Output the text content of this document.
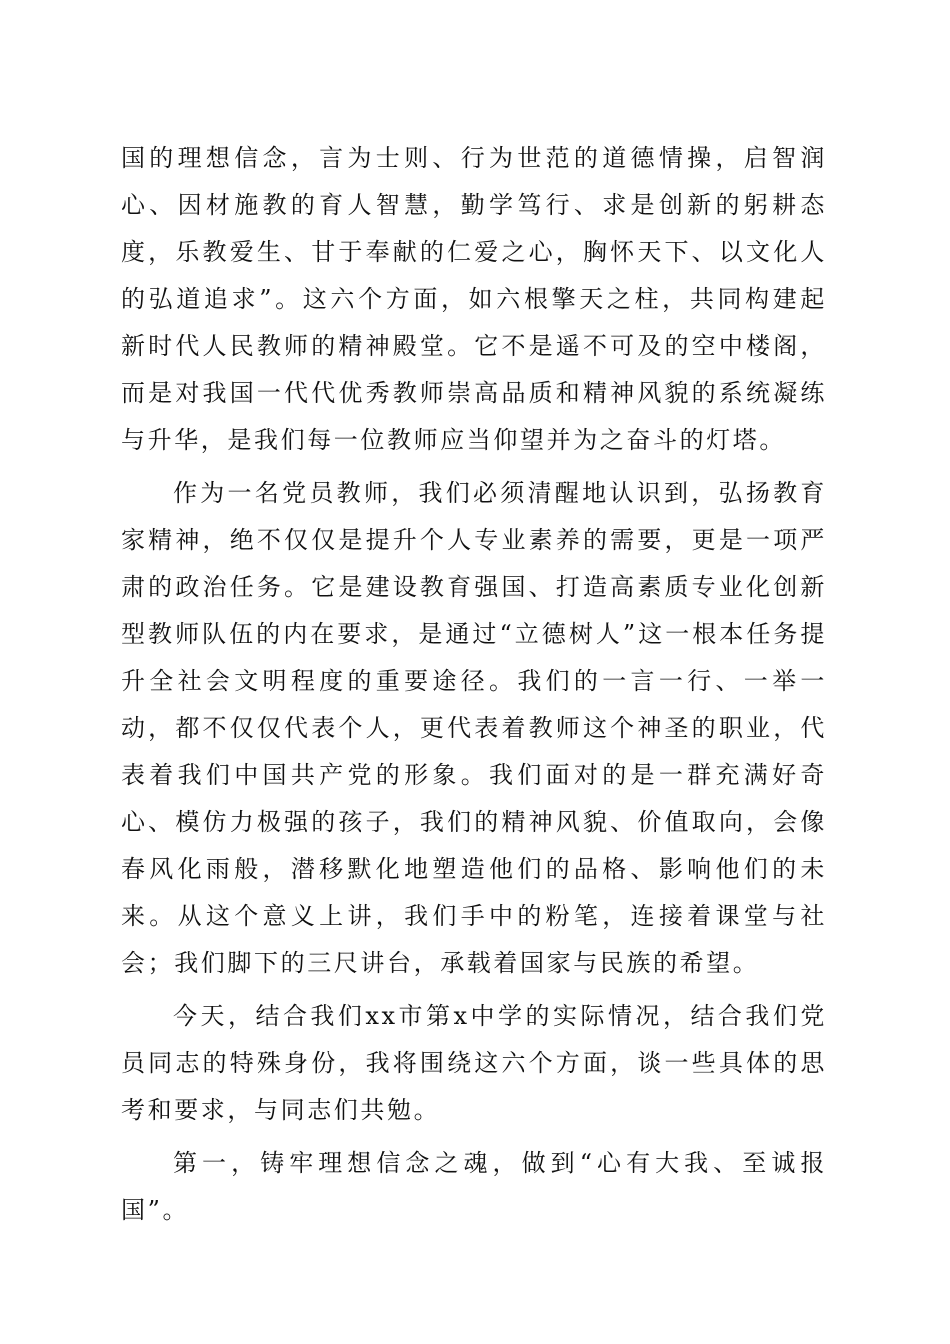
国的理想信念，言为士则、行为世范的道德情操，启智润心、因材施教的育人智慧，勤学笃行、求是创新的躬耕态度，乐教爱生、甘于奉献的仁爱之心，胸怀天下、以文化人的弘道追求”。这六个方面，如六根擎天之柱，共同构建起新时代人民教师的精神殿堂。它不是遥不可及的空中楼阁，而是对我国一代代优秀教师崇高品质和精神风貌的系统凝练与升华，是我们每一位教师应当仰望并为之奋斗的灯塔。

作为一名党员教师，我们必须清醒地认识到，弘扬教育家精神，绝不仅仅是提升个人专业素养的需要，更是一项严肃的政治任务。它是建设教育强国、打造高素质专业化创新型教师队伍的内在要求，是通过“立德树人”这一根本任务提升全社会文明程度的重要途径。我们的一言一行、一举一动，都不仅仅代表个人，更代表着教师这个神圣的职业，代表着我们中国共产党的形象。我们面对的是一群充满好奇心、模仿力极强的孩子，我们的精神风貌、价值取向，会像春风化雨般，潜移默化地塑造他们的品格、影响他们的未来。从这个意义上讲，我们手中的粉笔，连接着课堂与社会；我们脚下的三尺讲台，承载着国家与民族的希望。

今天，结合我们xx市第x中学的实际情况，结合我们党员同志的特殊身份，我将围绕这六个方面，谈一些具体的思考和要求，与同志们共勉。

第一，铸牢理想信念之魂，做到“心有大我、至诚报国”。
